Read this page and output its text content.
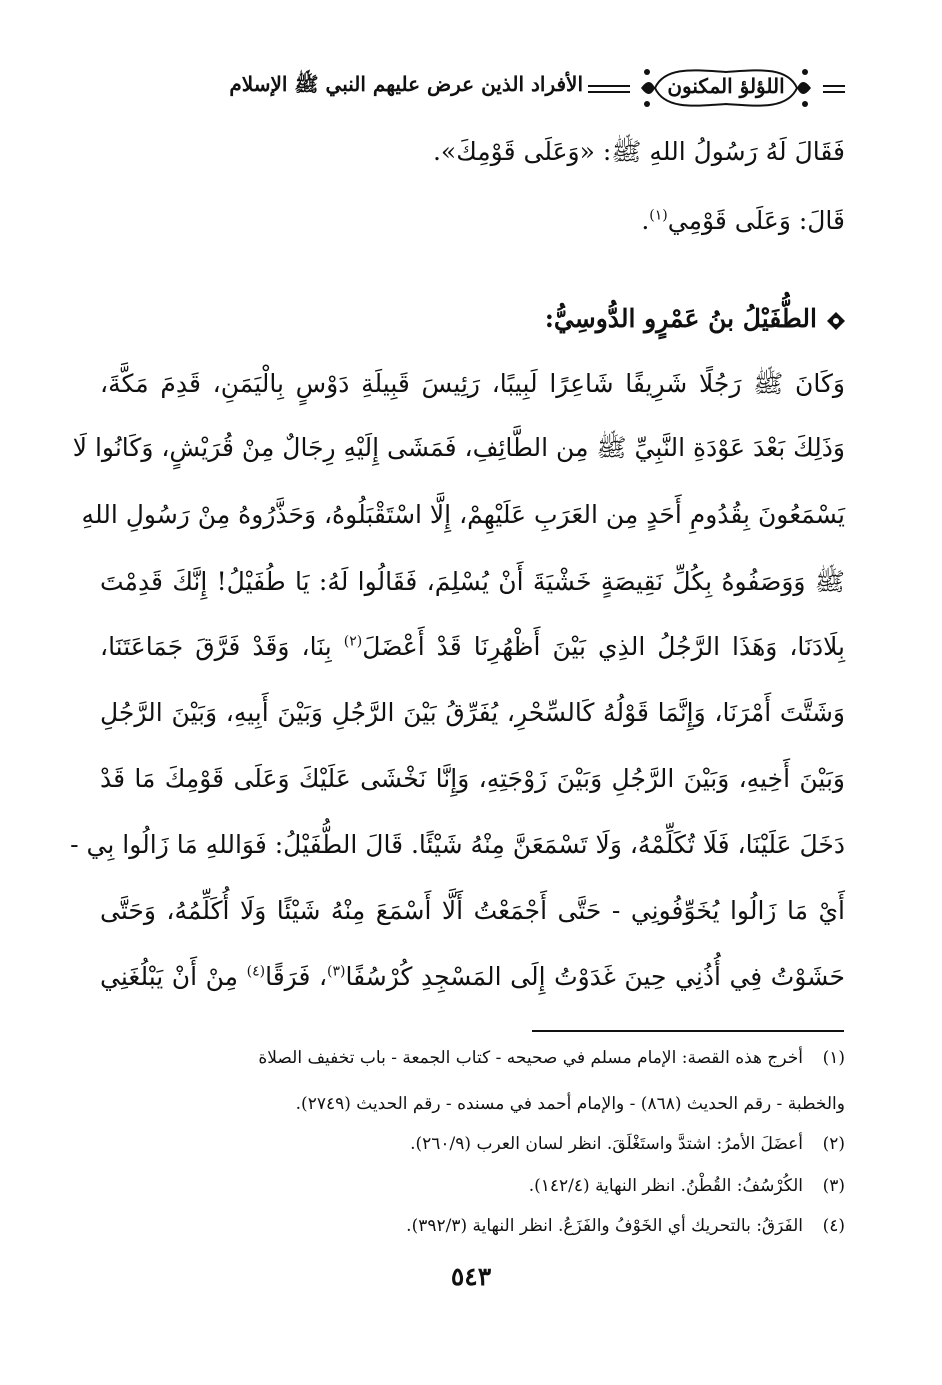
اللؤلؤ المكنون
الأفراد الذين عرض عليهم النبي ﷺ الإسلام
فَقَالَ لَهُ رَسُولُ اللهِ ﷺ: «وَعَلَى قَوْمِكَ».
قَالَ: وَعَلَى قَوْمِي$^{(١)}$.
الطُّفَيْلُ بنُ عَمْرٍو الدُّوسِيُّ:
وَكَانَ ﷺ رَجُلًا شَرِيفًا شَاعِرًا لَبِيبًا، رَئِيسَ قَبِيلَةِ دَوْسٍ بِالْيَمَنِ، قَدِمَ مَكَّةَ،
وَذَلِكَ بَعْدَ عَوْدَةِ النَّبِيِّ ﷺ مِن الطَّائِفِ، فَمَشَى إِلَيْهِ رِجَالٌ مِنْ قُرَيْشٍ، وَكَانُوا لَا
يَسْمَعُونَ بِقُدُومِ أَحَدٍ مِن العَرَبِ عَلَيْهِمْ، إِلَّا اسْتَقْبَلُوهُ، وَحَذَّرُوهُ مِنْ رَسُولِ اللهِ
ﷺ وَوَصَفُوهُ بِكُلِّ نَقِيصَةٍ خَشْيَةَ أَنْ يُسْلِمَ، فَقَالُوا لَهُ: يَا طُفَيْلُ! إِنَّكَ قَدِمْتَ
بِلَادَنَا، وَهَذَا الرَّجُلُ الذِي بَيْنَ أَظْهُرِنَا قَدْ أَعْضَلَ$^{(٢)}$ بِنَا، وَقَدْ فَرَّقَ جَمَاعَتَنَا،
وَشَتَّتَ أَمْرَنَا، وَإِنَّمَا قَوْلُهُ كَالسِّحْرِ، يُفَرِّقُ بَيْنَ الرَّجُلِ وَبَيْنَ أَبِيهِ، وَبَيْنَ الرَّجُلِ
وَبَيْنَ أَخِيهِ، وَبَيْنَ الرَّجُلِ وَبَيْنَ زَوْجَتِهِ، وَإِنَّا نَخْشَى عَلَيْكَ وَعَلَى قَوْمِكَ مَا قَدْ
دَخَلَ عَلَيْنَا، فَلَا تُكَلِّمْهُ، وَلَا تَسْمَعَنَّ مِنْهُ شَيْئًا. قَالَ الطُّفَيْلُ: فَوَاللهِ مَا زَالُوا بِي -
أَيْ مَا زَالُوا يُخَوِّفُونِي - حَتَّى أَجْمَعْتُ أَلَّا أَسْمَعَ مِنْهُ شَيْئًا وَلَا أُكَلِّمُهُ، وَحَتَّى
حَشَوْتُ فِي أُذُنِي حِينَ غَدَوْتُ إِلَى المَسْجِدِ كُرْسُفًا$^{(٣)}$، فَرَقًا$^{(٤)}$ مِنْ أَنْ يَبْلُغَنِي
(١)أخرج هذه القصة: الإمام مسلم في صحيحه - كتاب الجمعة - باب تخفيف الصلاة
والخطبة - رقم الحديث (٨٦٨) - والإمام أحمد في مسنده - رقم الحديث (٢٧٤٩).
(٢)أعضَلَ الأمرُ: اشتدَّ واستَغْلَقَ. انظر لسان العرب (٢٦٠/٩).
(٣)الكُرْسُفُ: القُطْنُ. انظر النهاية (١٤٢/٤).
(٤)الفَرَقُ: بالتحريك أي الخَوْفُ والفَزَعُ. انظر النهاية (٣٩٢/٣).
٥٤٣
